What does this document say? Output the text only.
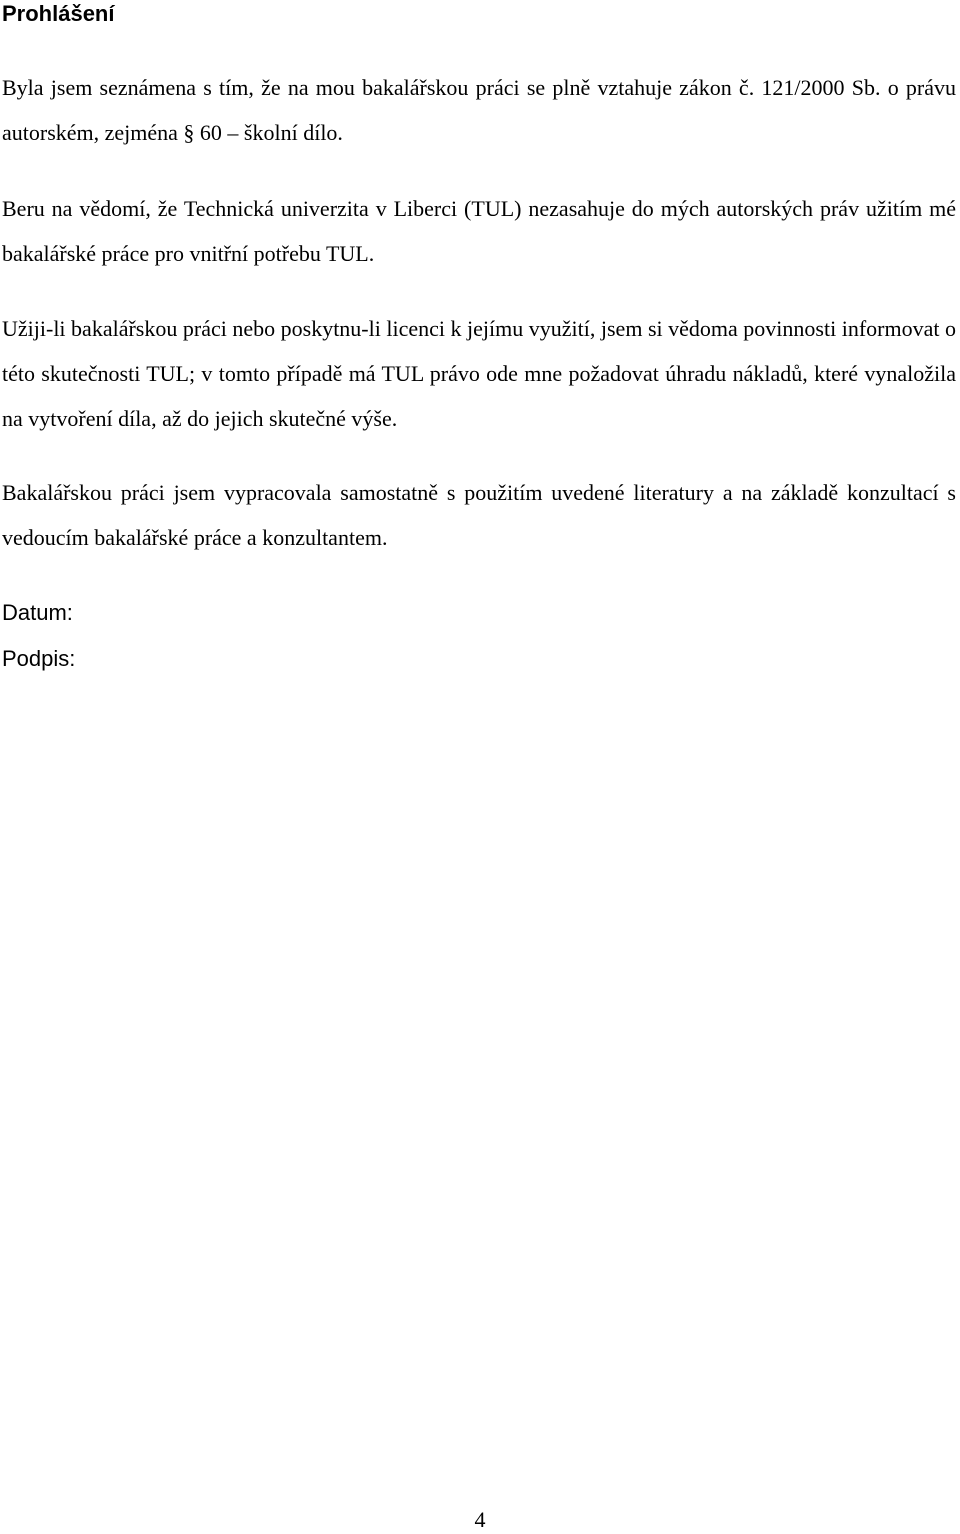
Prohlášení

Byla jsem seznámena s tím, že na mou bakalářskou práci se plně vztahuje zákon č. 121/2000 Sb. o právu autorském, zejména § 60 – školní dílo.

Beru na vědomí, že Technická univerzita v Liberci (TUL) nezasahuje do mých autorských práv užitím mé bakalářské práce pro vnitřní potřebu TUL.

Užiji-li bakalářskou práci nebo poskytnu-li licenci k jejímu využití, jsem si vědoma povinnosti informovat o této skutečnosti TUL; v tomto případě má TUL právo ode mne požadovat úhradu nákladů, které vynaložila na vytvoření díla, až do jejich skutečné výše.

Bakalářskou práci jsem vypracovala samostatně s použitím uvedené literatury a na základě konzultací s vedoucím bakalářské práce a konzultantem.

Datum:

Podpis:

4
